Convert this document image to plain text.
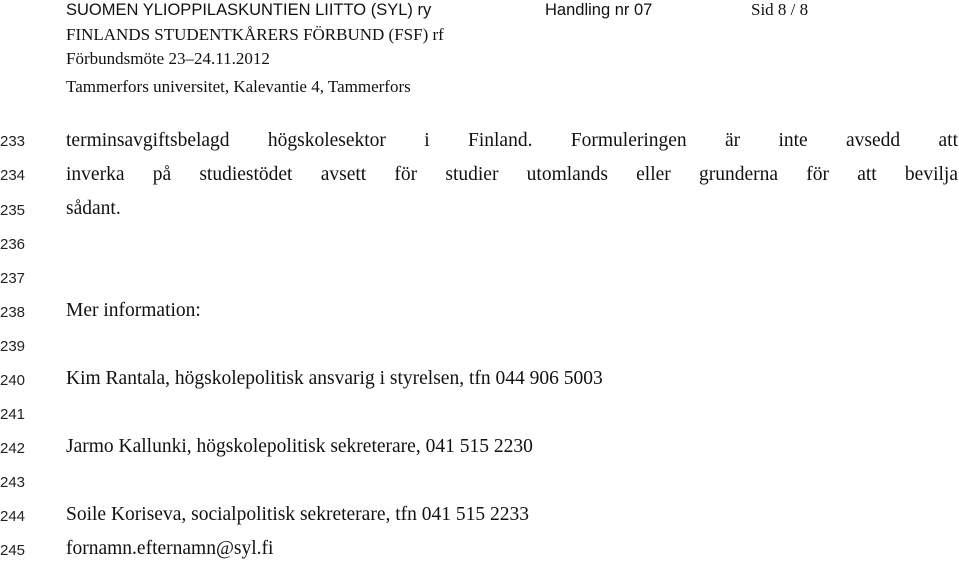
SUOMEN YLIOPPILASKUNTIEN LIITTO (SYL) ry	Handling nr 07	Sid 8 / 8
FINLANDS STUDENTKÅRERS FÖRBUND (FSF) rf
Förbundsmöte 23–24.11.2012
Tammerfors universitet, Kalevantie 4, Tammerfors
233
234
235
236
237
238
239
240
241
242
243
244
245
terminsavgiftsbelagd högskolesektor i Finland. Formuleringen är inte avsedd att
inverka på studiestödet avsett för studier utomlands eller grunderna för att bevilja
sådant.
Mer information:
Kim Rantala, högskolepolitisk ansvarig i styrelsen, tfn 044 906 5003
Jarmo Kallunki, högskolepolitisk sekreterare, 041 515 2230
Soile Koriseva, socialpolitisk sekreterare, tfn 041 515 2233
fornamn.efternamn@syl.fi
